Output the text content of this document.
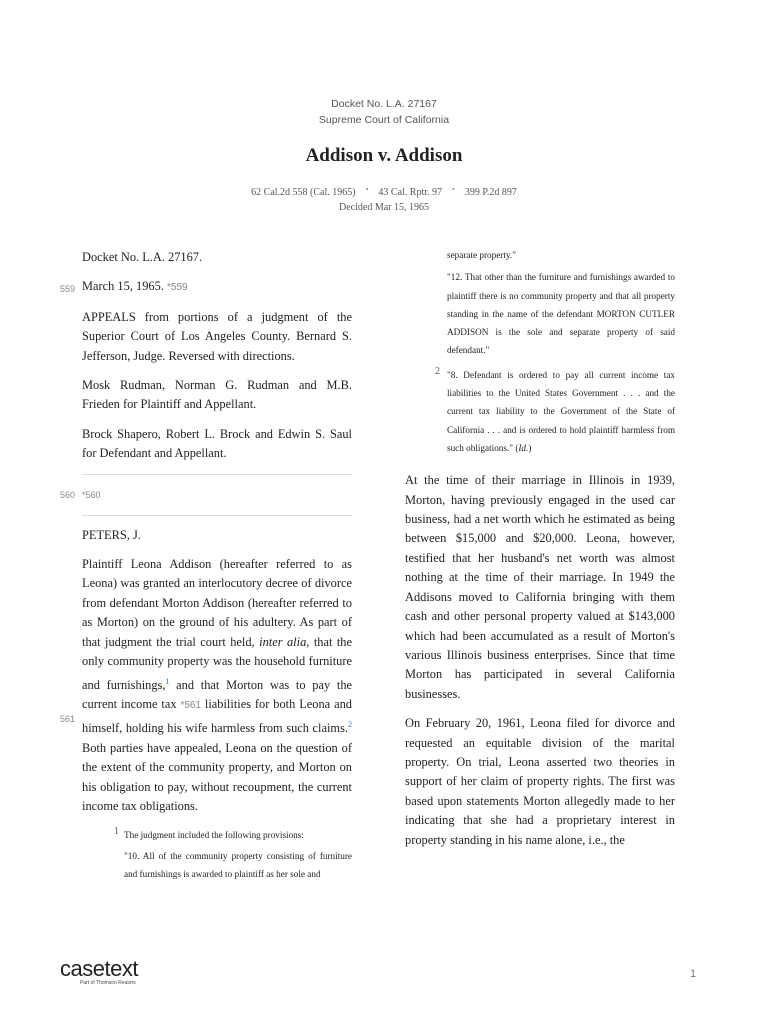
Docket No. L.A. 27167
Supreme Court of California
Addison v. Addison
62 Cal.2d 558 (Cal. 1965) • 43 Cal. Rptr. 97 • 399 P.2d 897
Decided Mar 15, 1965

Docket No. L.A. 27167.

559 March 15, 1965. *559

APPEALS from portions of a judgment of the Superior Court of Los Angeles County. Bernard S. Jefferson, Judge. Reversed with directions.

Mosk Rudman, Norman G. Rudman and M.B. Frieden for Plaintiff and Appellant.

Brock Shapero, Robert L. Brock and Edwin S. Saul for Defendant and Appellant.

560 *560

PETERS, J.

561
Plaintiff Leona Addison (hereafter referred to as Leona) was granted an interlocutory decree of divorce from defendant Morton Addison (hereafter referred to as Morton) on the ground of his adultery. As part of that judgment the trial court held, inter alia, that the only community property was the household furniture and furnishings,$^1$ and that Morton was to pay the current income tax *561 liabilities for both Leona and himself, holding his wife harmless from such claims.$^2$ Both parties have appealed, Leona on the question of the extent of the community property, and Morton on his obligation to pay, without recoupment, the current income tax obligations.

1 The judgment included the following provisions:

"10. All of the community property consisting of furniture and furnishings is awarded to plaintiff as her sole and

separate property."

"12. That other than the furniture and furnishings awarded to plaintiff there is no community property and that all property standing in the name of the defendant MORTON CUTLER ADDISON is the sole and separate property of said defendant."

2 "8. Defendant is ordered to pay all current income tax liabilities to the United States Government . . . and the current tax liability to the Government of the State of California . . . and is ordered to hold plaintiff harmless from such obligations." (Id.)

At the time of their marriage in Illinois in 1939, Morton, having previously engaged in the used car business, had a net worth which he estimated as being between $15,000 and $20,000. Leona, however, testified that her husband's net worth was almost nothing at the time of their marriage. In 1949 the Addisons moved to California bringing with them cash and other personal property valued at $143,000 which had been accumulated as a result of Morton's various Illinois business enterprises. Since that time Morton has participated in several California businesses.

On February 20, 1961, Leona filed for divorce and requested an equitable division of the marital property. On trial, Leona asserted two theories in support of her claim of property rights. The first was based upon statements Morton allegedly made to her indicating that she had a proprietary interest in property standing in his name alone, i.e., the

casetext
Part of Thomson Reuters
1
